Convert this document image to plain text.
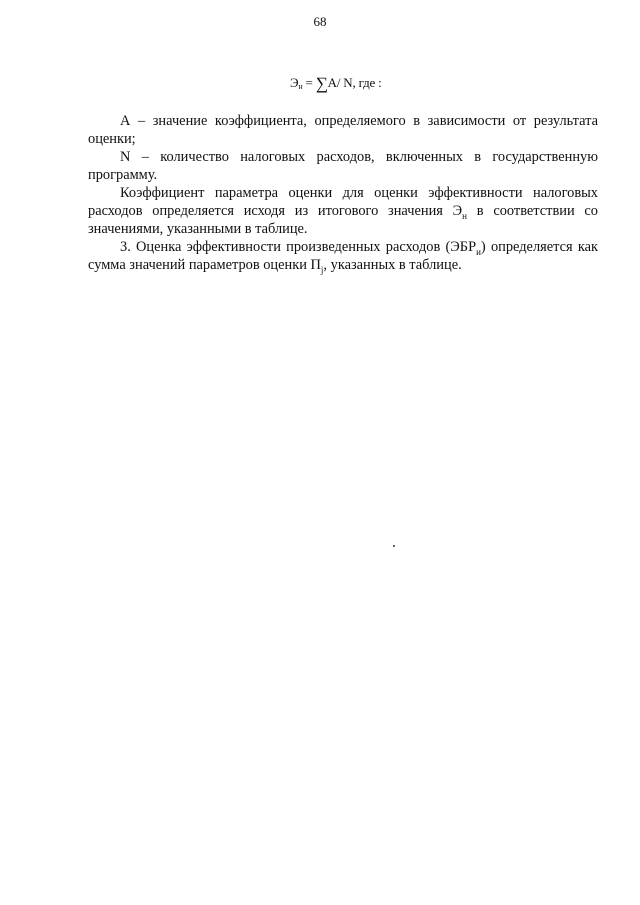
68
$Э_н = \sum A/$ N, где :

А – значение коэффициента, определяемого в зависимости от результата оценки;

N – количество налоговых расходов, включенных в государственную программу.

Коэффициент параметра оценки для оценки эффективности налоговых расходов определяется исходя из итогового значения $Э_н$ в соответствии со значениями, указанными в таблице.

3. Оценка эффективности произведенных расходов $(ЭБР_и)$ определяется как сумма значений параметров оценки $П_j$, указанных в таблице.
